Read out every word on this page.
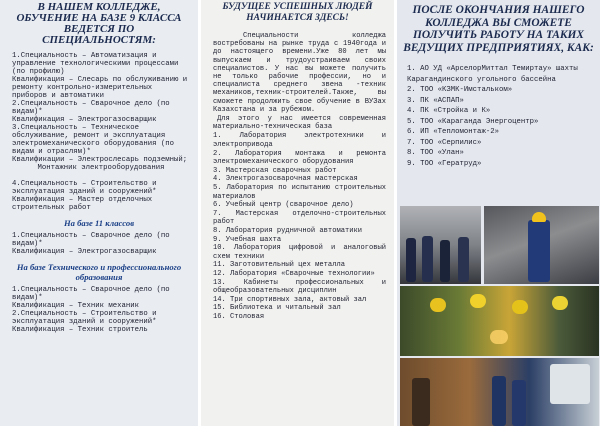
В НАШЕМ КОЛЛЕДЖЕ, ОБУЧЕНИЕ НА БАЗЕ 9 КЛАССА ВЕДЕТСЯ ПО СПЕЦИАЛЬНОСТЯМ:

1.Специальность – Автоматизация и управление технологическими процессами (по профилю)

Квалификация – Слесарь по обслуживанию и ремонту контрольно-измерительных приборов и автоматики

2.Специальность – Сварочное дело (по видам)*

Квалификация – Электрогазосварщик

3.Специальность – Техническое обслуживание, ремонт и эксплуатация электромеханического оборудования (по видам и отраслям)*

Квалификации – Электрослесарь подземный;

Монтажник электрооборудования

4.Специальность – Строительство и эксплуатация зданий и сооружений*

Квалификация – Мастер отделочных строительных работ

На базе 11 классов

1.Специальность – Сварочное дело (по видам)*

Квалификация – Электрогазосварщик

На базе Технического и профессионального образования

1.Специальность – Сварочное дело (по видам)*

Квалификация – Техник механик

2.Специальность – Строительство и эксплуатация зданий и сооружений*

Квалификация – Техник строитель

БУДУЩЕЕ УСПЕШНЫХ ЛЮДЕЙ НАЧИНАЕТСЯ ЗДЕСЬ!

Специальности колледжа востребованы на рынке труда с 1940года и до настоящего времени.Уже 80 лет мы выпускаем и трудоустраиваем своих специалистов. У нас вы можете получить не только рабочие профессии, но и специалиста среднего звена -техник механиков,техник-строителей.Также, вы сможете продолжить свое обучение в ВУЗах Казахстана и за рубежом.

Для этого у нас имеется современная материально-техническая база

1. Лаборатория электротехники и электропривода
2. Лаборатория монтажа и ремонта электромеханического оборудования
3. Мастерская сварочных работ
4. Электрогазосварочная мастерская
5. Лаборатория по испытанию строительных материалов
6. Учебный центр (сварочное дело)
7. Мастерская отделочно-строительных работ
8. Лаборатория рудничной автоматики
9. Учебная шахта
10. Лаборатория цифровой и аналоговый схем техники
11. Заготовительный цех металла
12. Лаборатория «Сварочные технологии»
13. Кабинеты профессиональных и общеобразовательных дисциплин
14. Три спортивных зала, актовый зал
15. Библиотека и читальный зал
16. Столовая
ПОСЛЕ ОКОНЧАНИЯ НАШЕГО КОЛЛЕДЖА ВЫ СМОЖЕТЕ ПОЛУЧИТЬ РАБОТУ НА ТАКИХ ВЕДУЩИХ ПРЕДПРИЯТИЯХ, КАК:
1. АО УД «АрселорМиттал Темиртау» шахты Карагандинского угольного бассейна
2. ТОО «КЗМК-Имстальком»
3. ПК «АСПАП»
4. ПК «Стройка и К»
5. ТОО «Караганда Энергоцентр»
6. ИП «Тепломонтаж-2»
7. ТОО «Серпилис»
8. ТОО «Улан»
9. ТОО «Гератруд»
